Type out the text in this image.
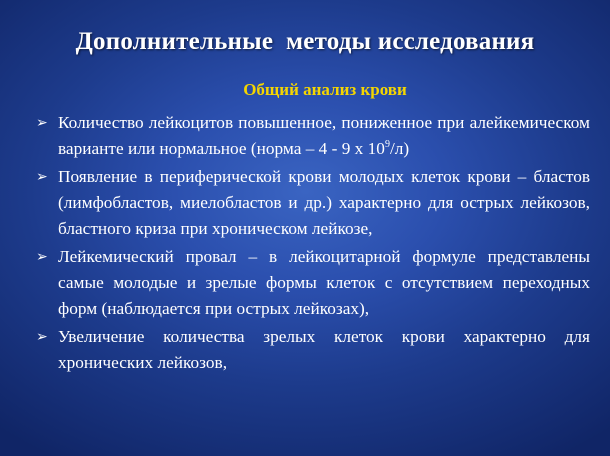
Дополнительные  методы исследования
Общий анализ крови
➢ Количество лейкоцитов повышенное, пониженное при алейкемическом варианте или нормальное (норма – 4 - 9 х $10^9/л$)
➢ Появление в периферической крови молодых клеток крови – бластов (лимфобластов, миелобластов и др.) характерно для острых лейкозов, бластного криза при хроническом лейкозе,
➢ Лейкемический провал – в лейкоцитарной формуле представлены самые молодые и зрелые формы клеток с отсутствием переходных форм (наблюдается при острых лейкозах),
➢ Увеличение количества зрелых клеток крови характерно для хронических лейкозов,
